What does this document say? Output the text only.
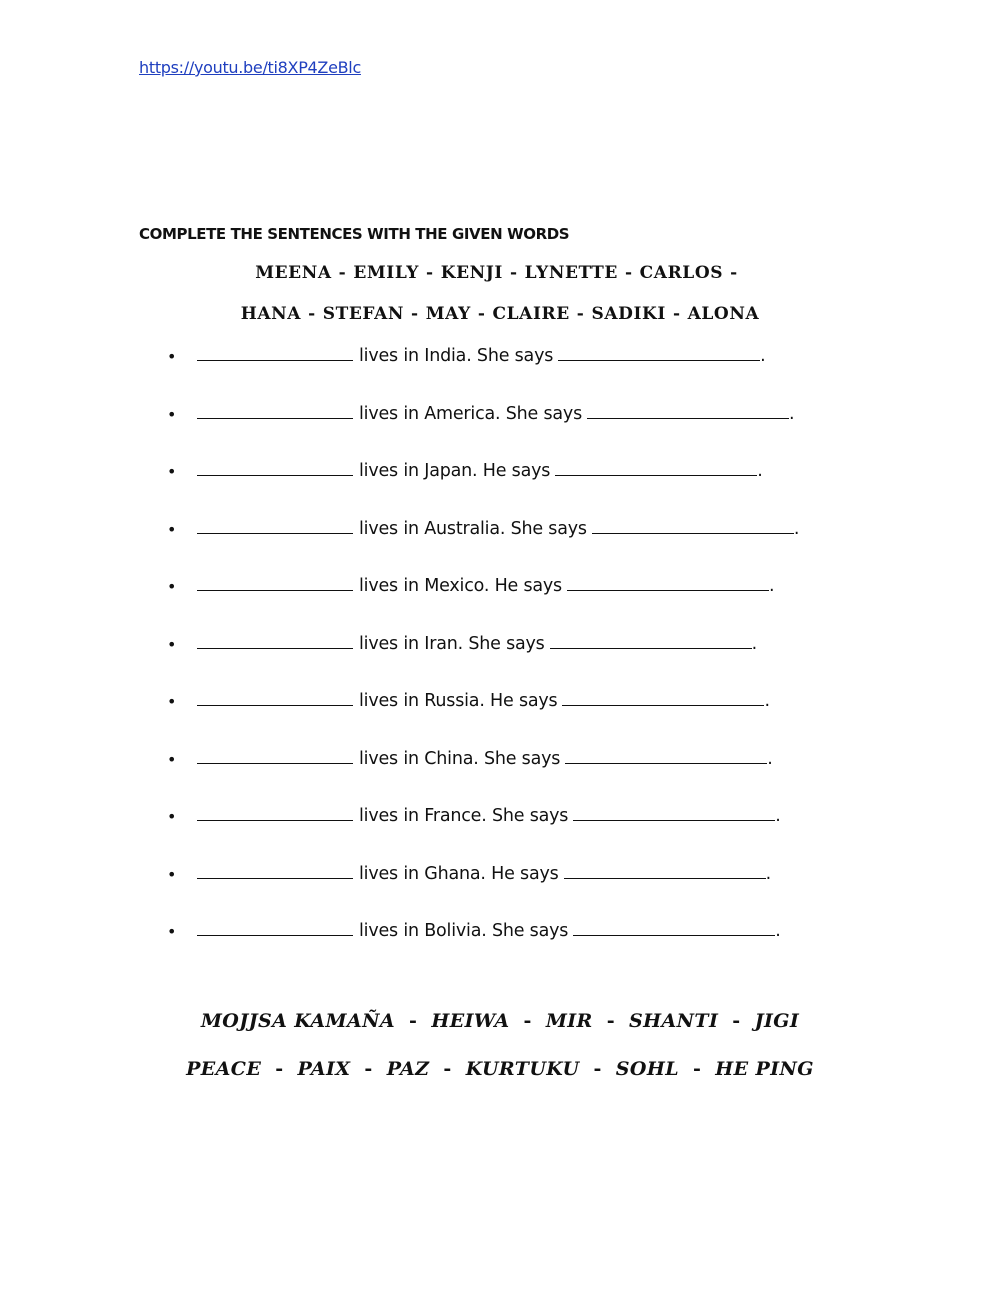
https://youtu.be/ti8XP4ZeBlc
COMPLETE THE SENTENCES WITH THE GIVEN WORDS
MEENA - EMILY - KENJI - LYNETTE - CARLOS -
HANA - STEFAN - MAY - CLAIRE - SADIKI - ALONA
•	lives in India. She says	.
•	lives in America. She says	.
•	lives in Japan. He says	.
•	lives in Australia. She says	.
•	lives in Mexico. He says	.
•	lives in Iran. She says	.
•	lives in Russia. He says	.
•	lives in China. She says	.
•	lives in France. She says	.
•	lives in Ghana. He says	.
•	lives in Bolivia. She says	.
MOJJSA KAMAÑA - HEIWA - MIR - SHANTI - JIGI
PEACE - PAIX - PAZ - KURTUKU - SOHL - HE PING
